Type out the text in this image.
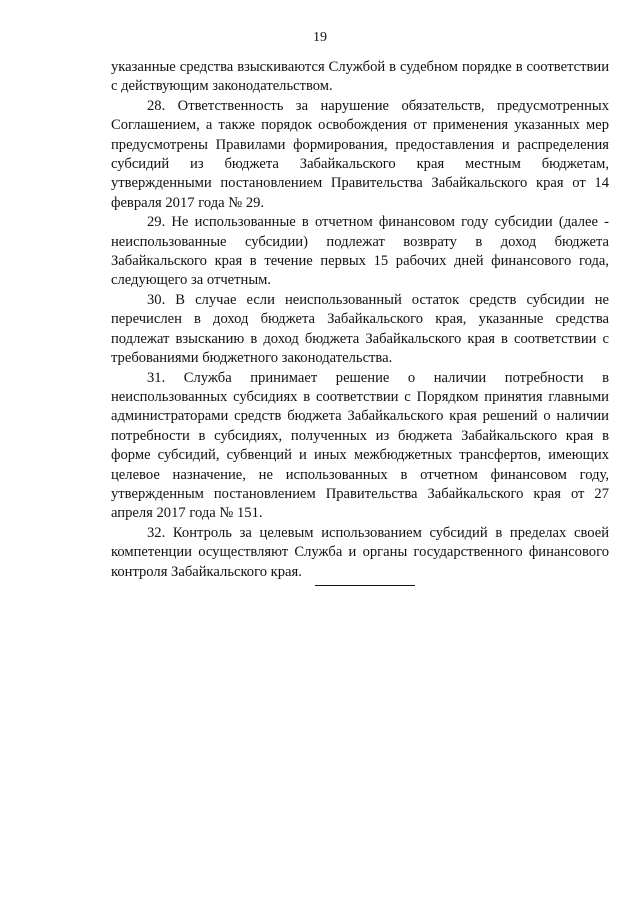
19

указанные средства взыскиваются Службой в судебном порядке в соответствии с действующим законодательством.

28. Ответственность за нарушение обязательств, предусмотренных Соглашением, а также порядок освобождения от применения указанных мер предусмотрены Правилами формирования, предоставления и распределения субсидий из бюджета Забайкальского края местным бюджетам, утвержденными постановлением Правительства Забайкальского края от 14 февраля 2017 года № 29.

29. Не использованные в отчетном финансовом году субсидии (далее - неиспользованные субсидии) подлежат возврату в доход бюджета Забайкальского края в течение первых 15 рабочих дней финансового года, следующего за отчетным.

30. В случае если неиспользованный остаток средств субсидии не перечислен в доход бюджета Забайкальского края, указанные средства подлежат взысканию в доход бюджета Забайкальского края в соответствии с требованиями бюджетного законодательства.

31. Служба принимает решение о наличии потребности в неиспользованных субсидиях в соответствии с Порядком принятия главными администраторами средств бюджета Забайкальского края решений о наличии потребности в субсидиях, полученных из бюджета Забайкальского края в форме субсидий, субвенций и иных межбюджетных трансфертов, имеющих целевое назначение, не использованных в отчетном финансовом году, утвержденным постановлением Правительства Забайкальского края от 27 апреля 2017 года № 151.

32. Контроль за целевым использованием субсидий в пределах своей компетенции осуществляют Служба и органы государственного финансового контроля Забайкальского края.
